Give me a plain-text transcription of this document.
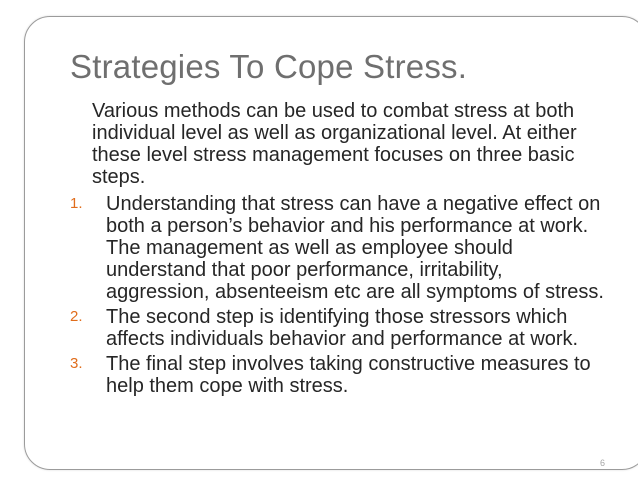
Strategies To Cope Stress.
Various methods can be used to combat stress at both individual level as well as organizational level. At either these level stress management focuses on three basic steps.
1. Understanding that stress can have a negative effect on both a person’s behavior and his performance at work. The management as well as employee should understand that poor performance, irritability, aggression, absenteeism etc are all symptoms of stress.
2. The second step is identifying those stressors which affects individuals behavior and performance at work.
3. The final step involves taking constructive measures to help them cope with stress.
6
